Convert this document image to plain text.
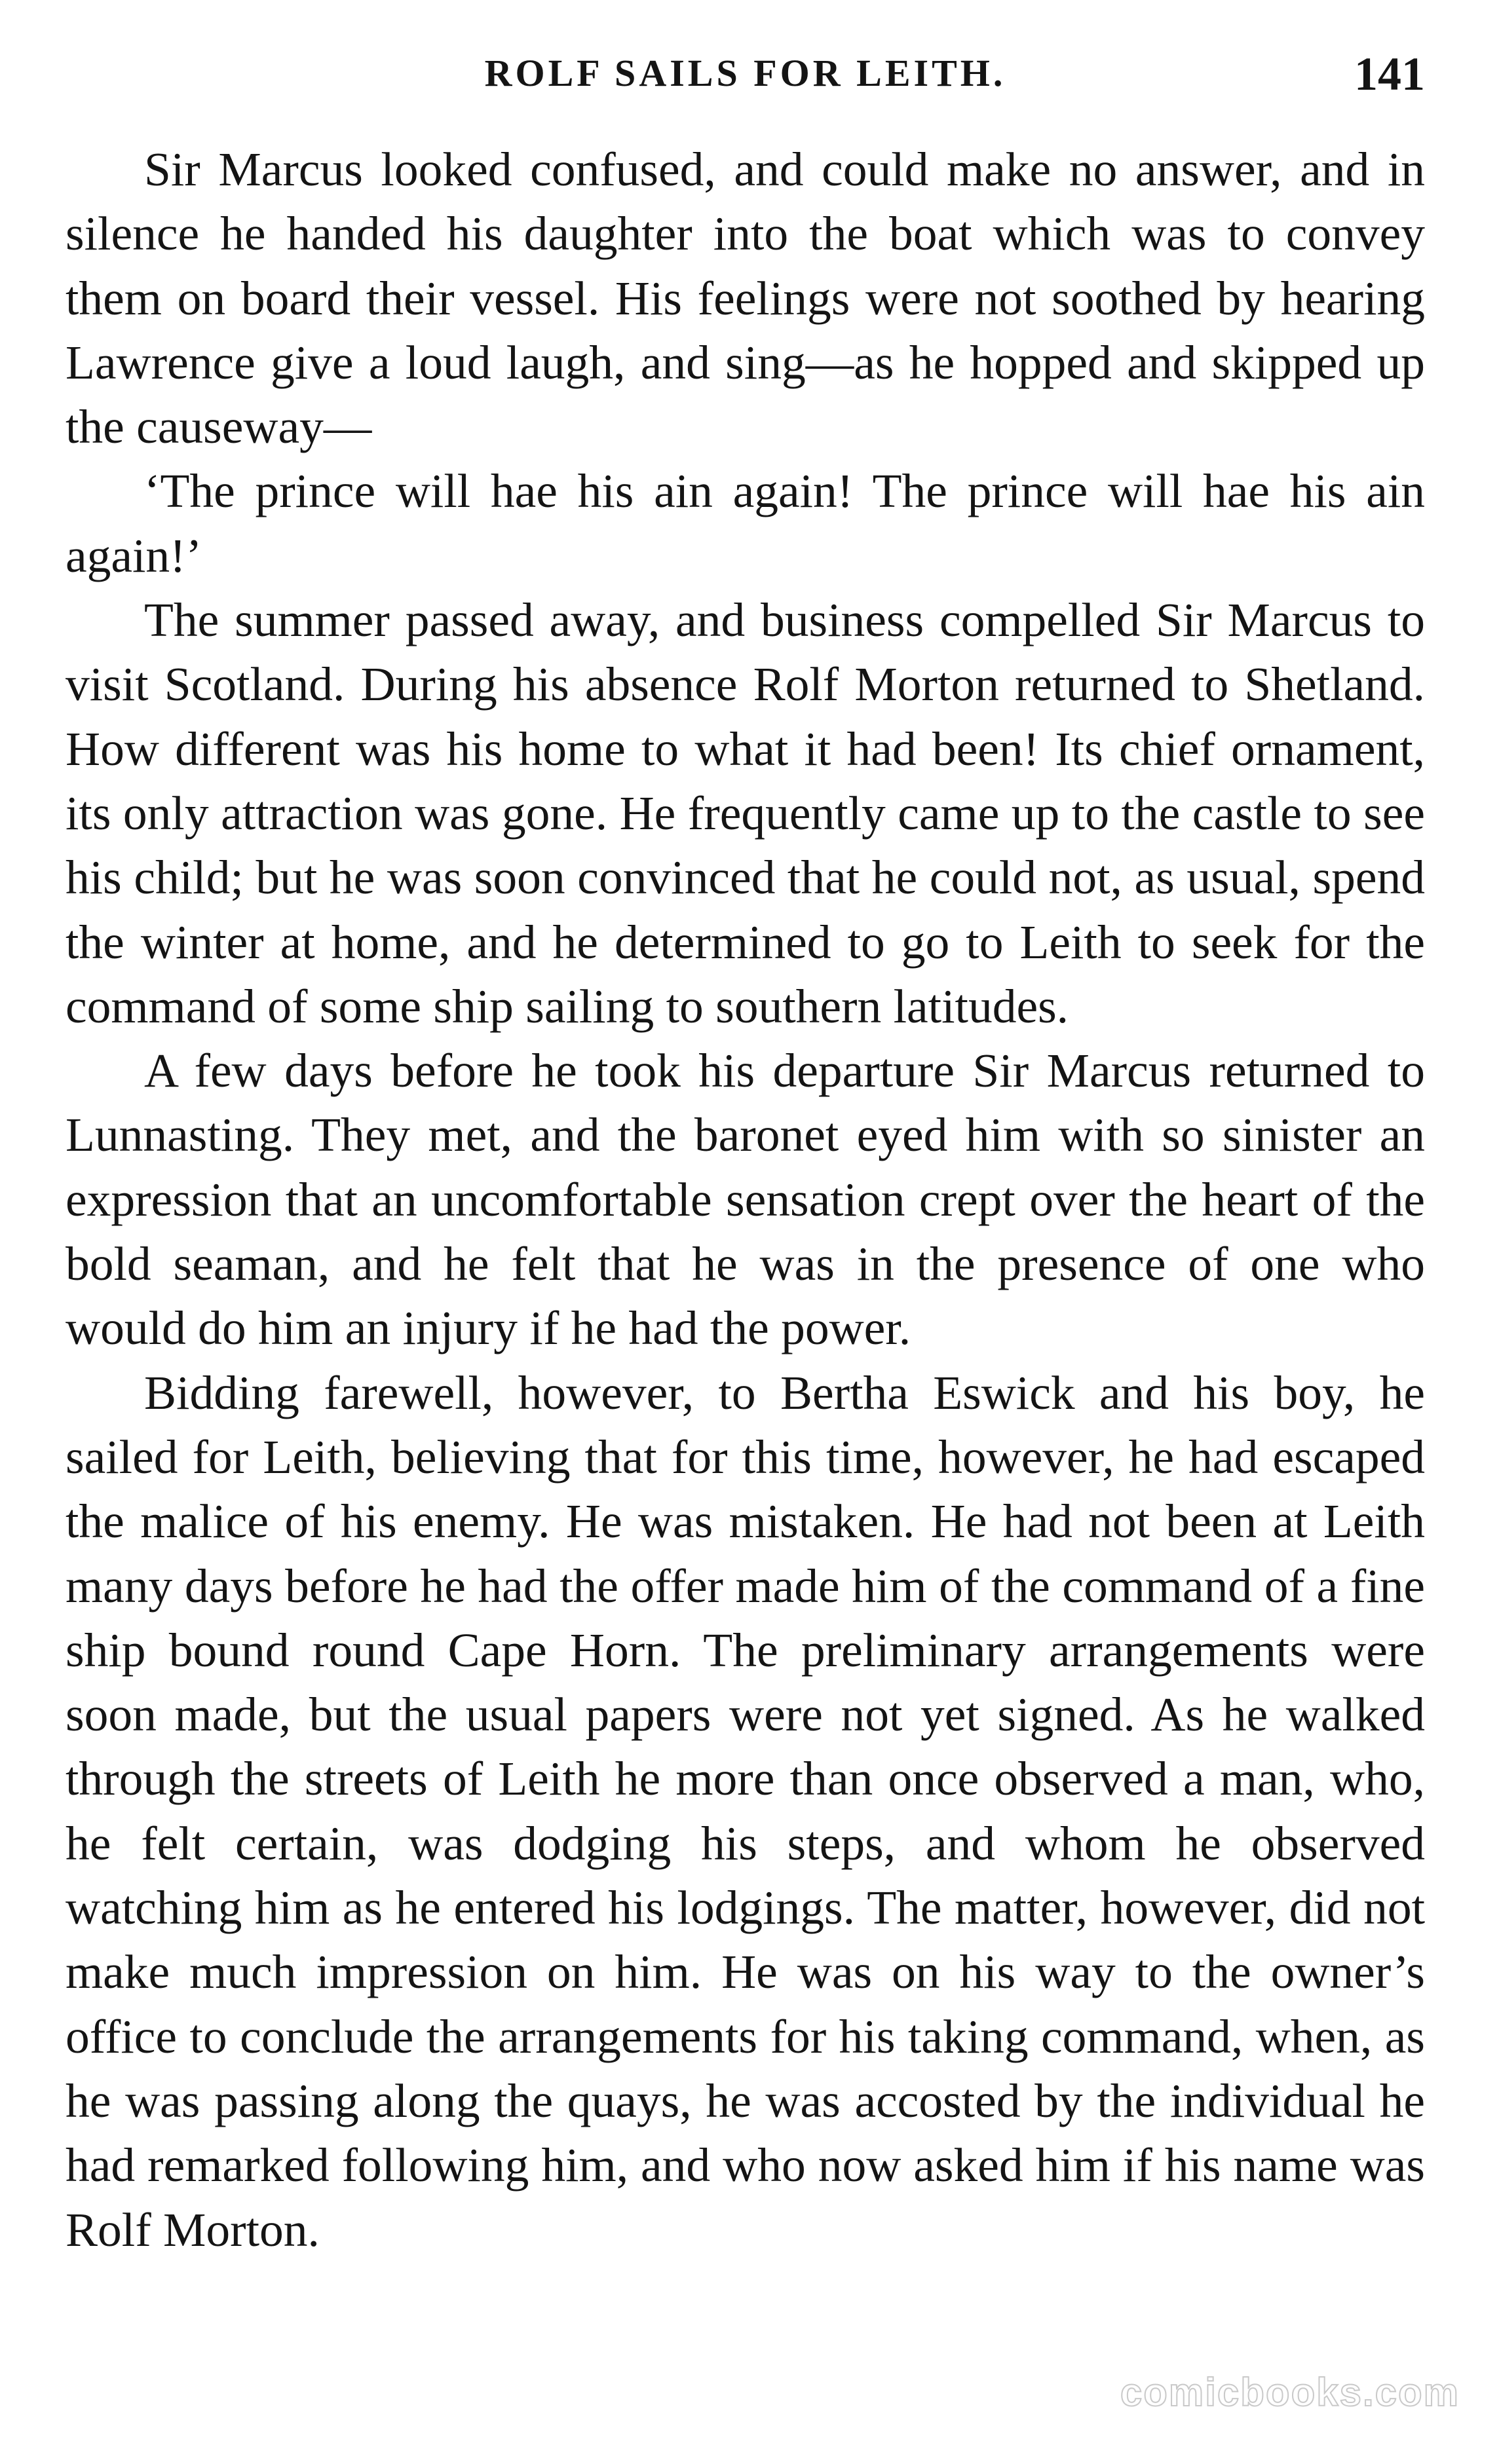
ROLF SAILS FOR LEITH.	141

Sir Marcus looked confused, and could make no answer, and in silence he handed his daughter into the boat which was to convey them on board their vessel. His feelings were not soothed by hearing Lawrence give a loud laugh, and sing—as he hopped and skipped up the causeway—

‘The prince will hae his ain again! The prince will hae his ain again!’

The summer passed away, and business compelled Sir Marcus to visit Scotland. During his absence Rolf Morton returned to Shetland. How different was his home to what it had been! Its chief ornament, its only attraction was gone. He frequently came up to the castle to see his child; but he was soon convinced that he could not, as usual, spend the winter at home, and he determined to go to Leith to seek for the command of some ship sailing to southern latitudes.

A few days before he took his departure Sir Marcus returned to Lunnasting. They met, and the baronet eyed him with so sinister an expression that an uncomfortable sensation crept over the heart of the bold seaman, and he felt that he was in the presence of one who would do him an injury if he had the power.

Bidding farewell, however, to Bertha Eswick and his boy, he sailed for Leith, believing that for this time, however, he had escaped the malice of his enemy. He was mistaken. He had not been at Leith many days before he had the offer made him of the command of a fine ship bound round Cape Horn. The preliminary arrangements were soon made, but the usual papers were not yet signed. As he walked through the streets of Leith he more than once observed a man, who, he felt certain, was dodging his steps, and whom he observed watching him as he entered his lodgings. The matter, however, did not make much impression on him. He was on his way to the owner’s office to conclude the arrangements for his taking command, when, as he was passing along the quays, he was accosted by the individual he had remarked following him, and who now asked him if his name was Rolf Morton.

comicbooks.com
